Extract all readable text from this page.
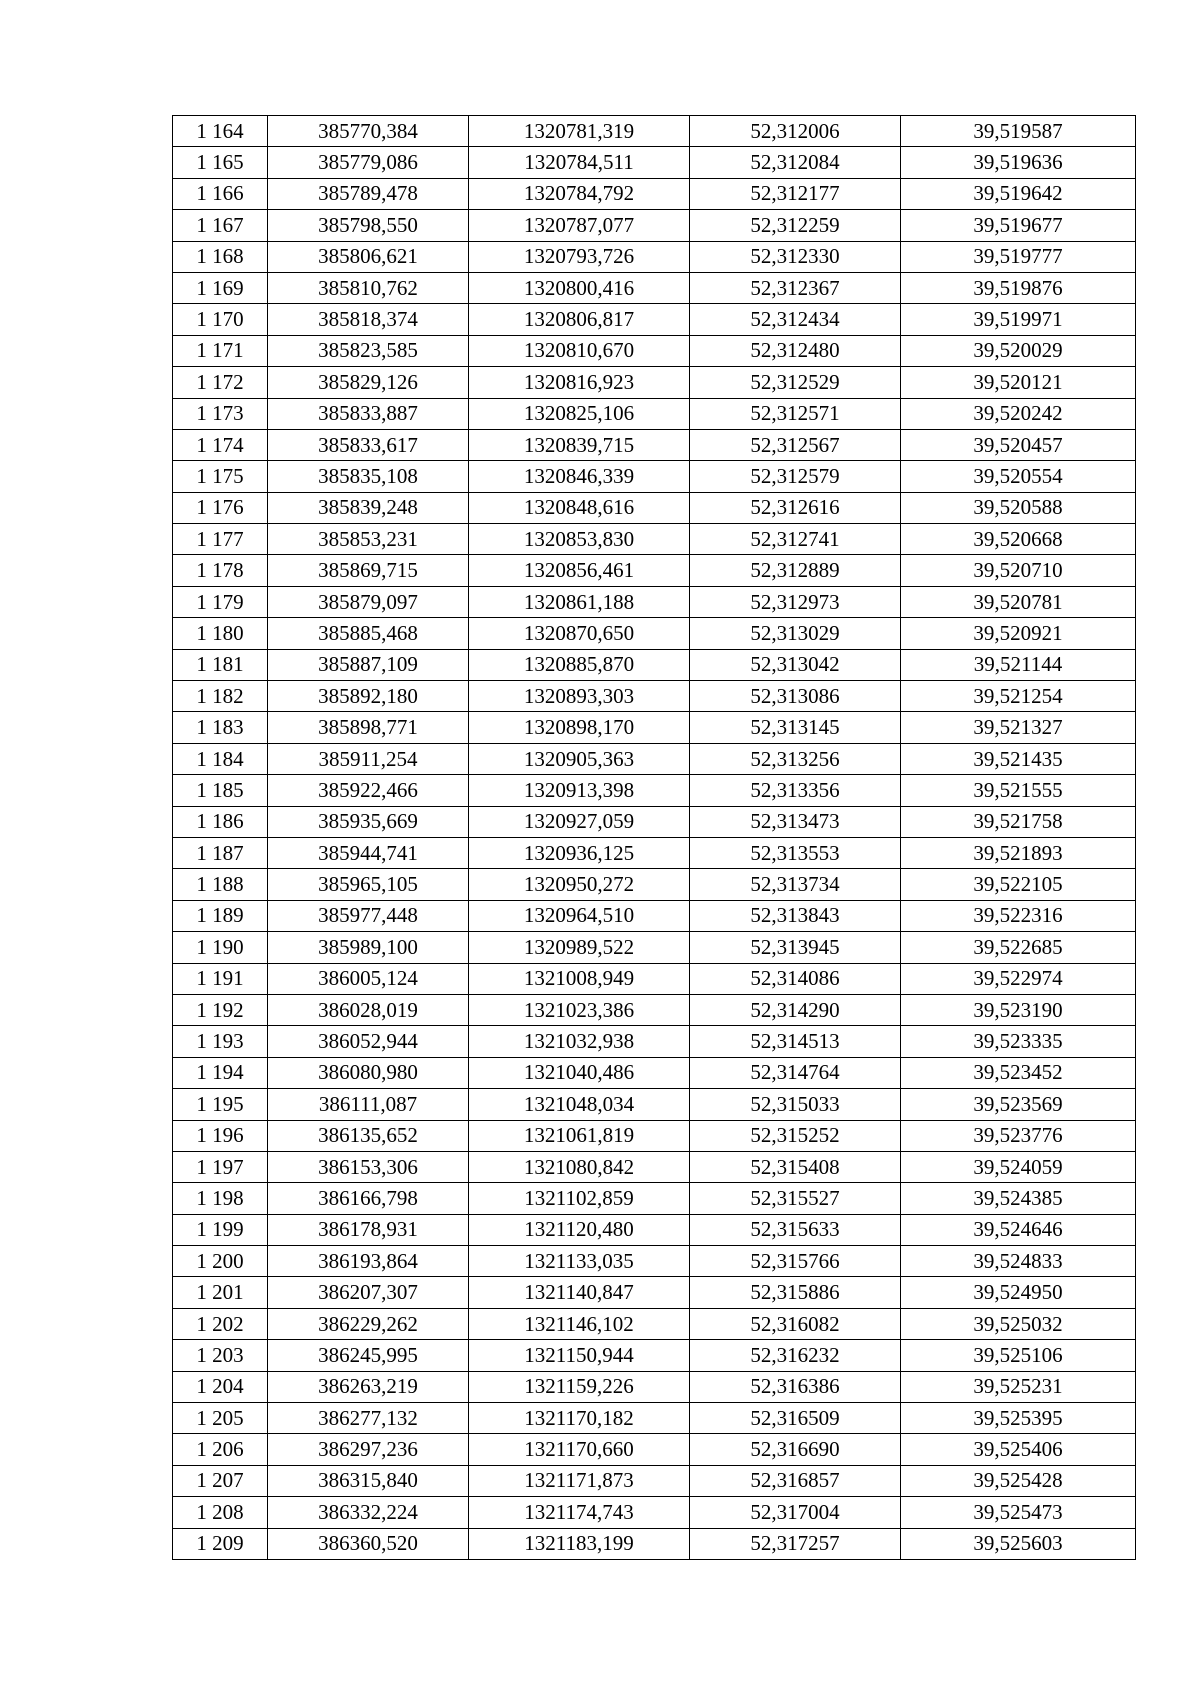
1 164	385770,384	1320781,319	52,312006	39,519587
1 165	385779,086	1320784,511	52,312084	39,519636
1 166	385789,478	1320784,792	52,312177	39,519642
1 167	385798,550	1320787,077	52,312259	39,519677
1 168	385806,621	1320793,726	52,312330	39,519777
1 169	385810,762	1320800,416	52,312367	39,519876
1 170	385818,374	1320806,817	52,312434	39,519971
1 171	385823,585	1320810,670	52,312480	39,520029
1 172	385829,126	1320816,923	52,312529	39,520121
1 173	385833,887	1320825,106	52,312571	39,520242
1 174	385833,617	1320839,715	52,312567	39,520457
1 175	385835,108	1320846,339	52,312579	39,520554
1 176	385839,248	1320848,616	52,312616	39,520588
1 177	385853,231	1320853,830	52,312741	39,520668
1 178	385869,715	1320856,461	52,312889	39,520710
1 179	385879,097	1320861,188	52,312973	39,520781
1 180	385885,468	1320870,650	52,313029	39,520921
1 181	385887,109	1320885,870	52,313042	39,521144
1 182	385892,180	1320893,303	52,313086	39,521254
1 183	385898,771	1320898,170	52,313145	39,521327
1 184	385911,254	1320905,363	52,313256	39,521435
1 185	385922,466	1320913,398	52,313356	39,521555
1 186	385935,669	1320927,059	52,313473	39,521758
1 187	385944,741	1320936,125	52,313553	39,521893
1 188	385965,105	1320950,272	52,313734	39,522105
1 189	385977,448	1320964,510	52,313843	39,522316
1 190	385989,100	1320989,522	52,313945	39,522685
1 191	386005,124	1321008,949	52,314086	39,522974
1 192	386028,019	1321023,386	52,314290	39,523190
1 193	386052,944	1321032,938	52,314513	39,523335
1 194	386080,980	1321040,486	52,314764	39,523452
1 195	386111,087	1321048,034	52,315033	39,523569
1 196	386135,652	1321061,819	52,315252	39,523776
1 197	386153,306	1321080,842	52,315408	39,524059
1 198	386166,798	1321102,859	52,315527	39,524385
1 199	386178,931	1321120,480	52,315633	39,524646
1 200	386193,864	1321133,035	52,315766	39,524833
1 201	386207,307	1321140,847	52,315886	39,524950
1 202	386229,262	1321146,102	52,316082	39,525032
1 203	386245,995	1321150,944	52,316232	39,525106
1 204	386263,219	1321159,226	52,316386	39,525231
1 205	386277,132	1321170,182	52,316509	39,525395
1 206	386297,236	1321170,660	52,316690	39,525406
1 207	386315,840	1321171,873	52,316857	39,525428
1 208	386332,224	1321174,743	52,317004	39,525473
1 209	386360,520	1321183,199	52,317257	39,525603
